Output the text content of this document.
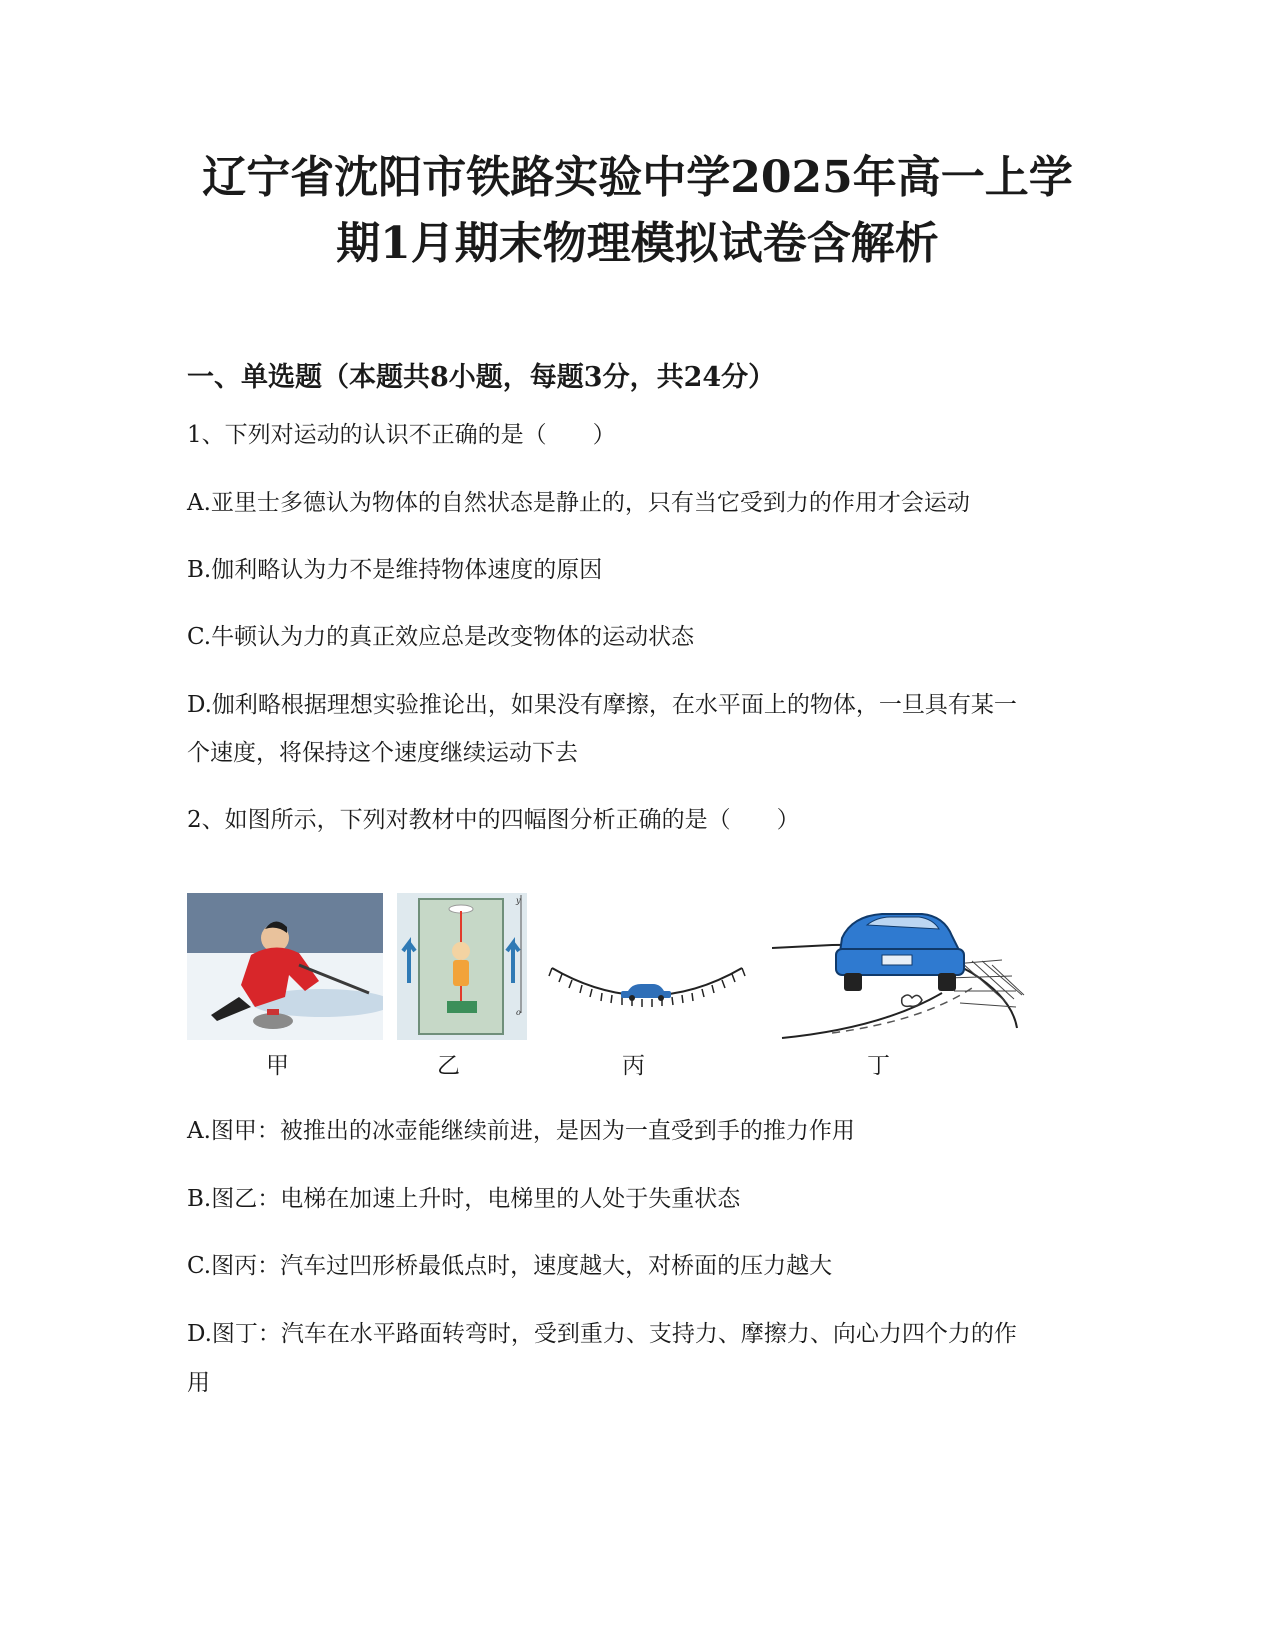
辽宁省沈阳市铁路实验中学2025年高一上学
期1月期末物理模拟试卷含解析
一、单选题（本题共8小题，每题3分，共24分）

1、下列对运动的认识不正确的是（　　）

A.亚里士多德认为物体的自然状态是静止的，只有当它受到力的作用才会运动

B.伽利略认为力不是维持物体速度的原因

C.牛顿认为力的真正效应总是改变物体的运动状态

D.伽利略根据理想实验推论出，如果没有摩擦，在水平面上的物体，一旦具有某一

个速度，将保持这个速度继续运动下去

2、如图所示，下列对教材中的四幅图分析正确的是（　　）

y
o
甲	乙	丙	丁

A.图甲：被推出的冰壶能继续前进，是因为一直受到手的推力作用

B.图乙：电梯在加速上升时，电梯里的人处于失重状态

C.图丙：汽车过凹形桥最低点时，速度越大，对桥面的压力越大

D.图丁：汽车在水平路面转弯时，受到重力、支持力、摩擦力、向心力四个力的作

用
